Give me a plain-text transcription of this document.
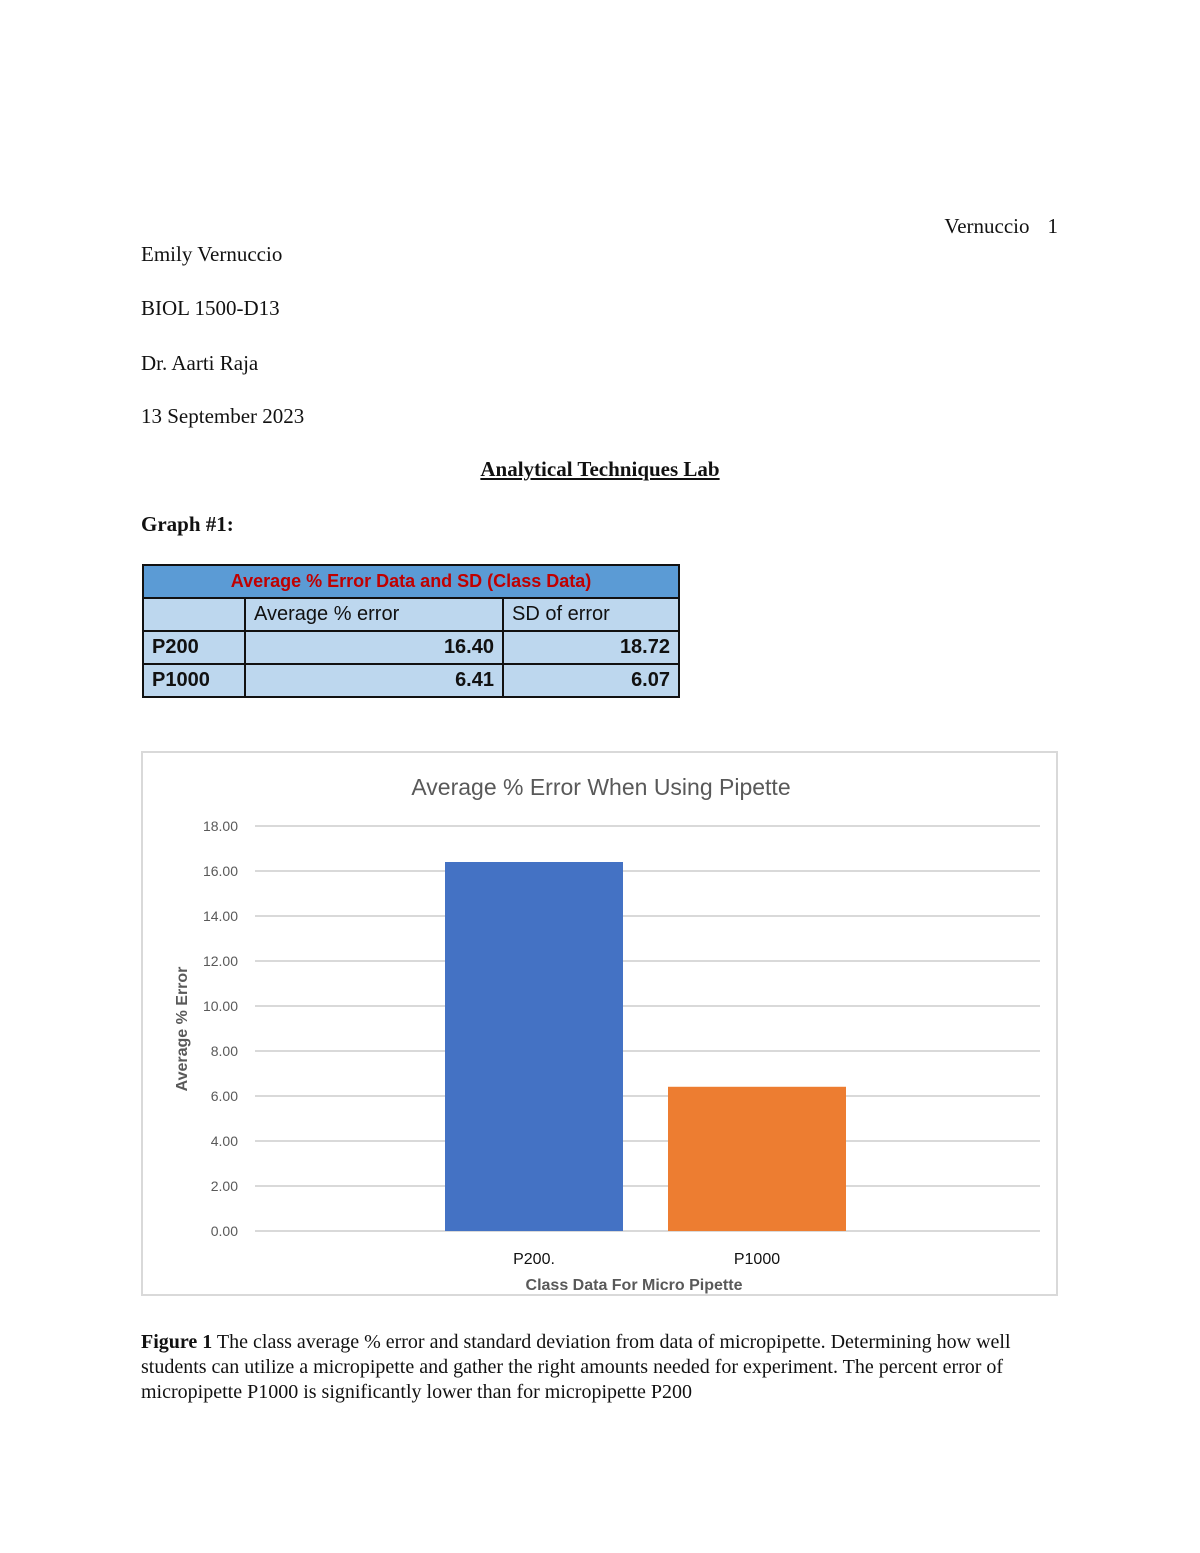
Vernuccio 1
Emily Vernuccio
BIOL 1500-D13
Dr. Aarti Raja
13 September 2023
Analytical Techniques Lab
Graph #1:
Average % Error Data and SD (Class Data)		
	Average % error	SD of error
P200	16.40	18.72
P1000	6.41	6.07
Average % Error When Using Pipette
0.00
2.00
4.00
6.00
8.00
10.00
12.00
14.00
16.00
18.00
P200.	P1000
Class Data For Micro Pipette
Average % Error
Figure 1 The class average % error and standard deviation from data of micropipette. Determining how well students can utilize a micropipette and gather the right amounts needed for experiment. The percent error of micropipette P1000 is significantly lower than for micropipette P200
